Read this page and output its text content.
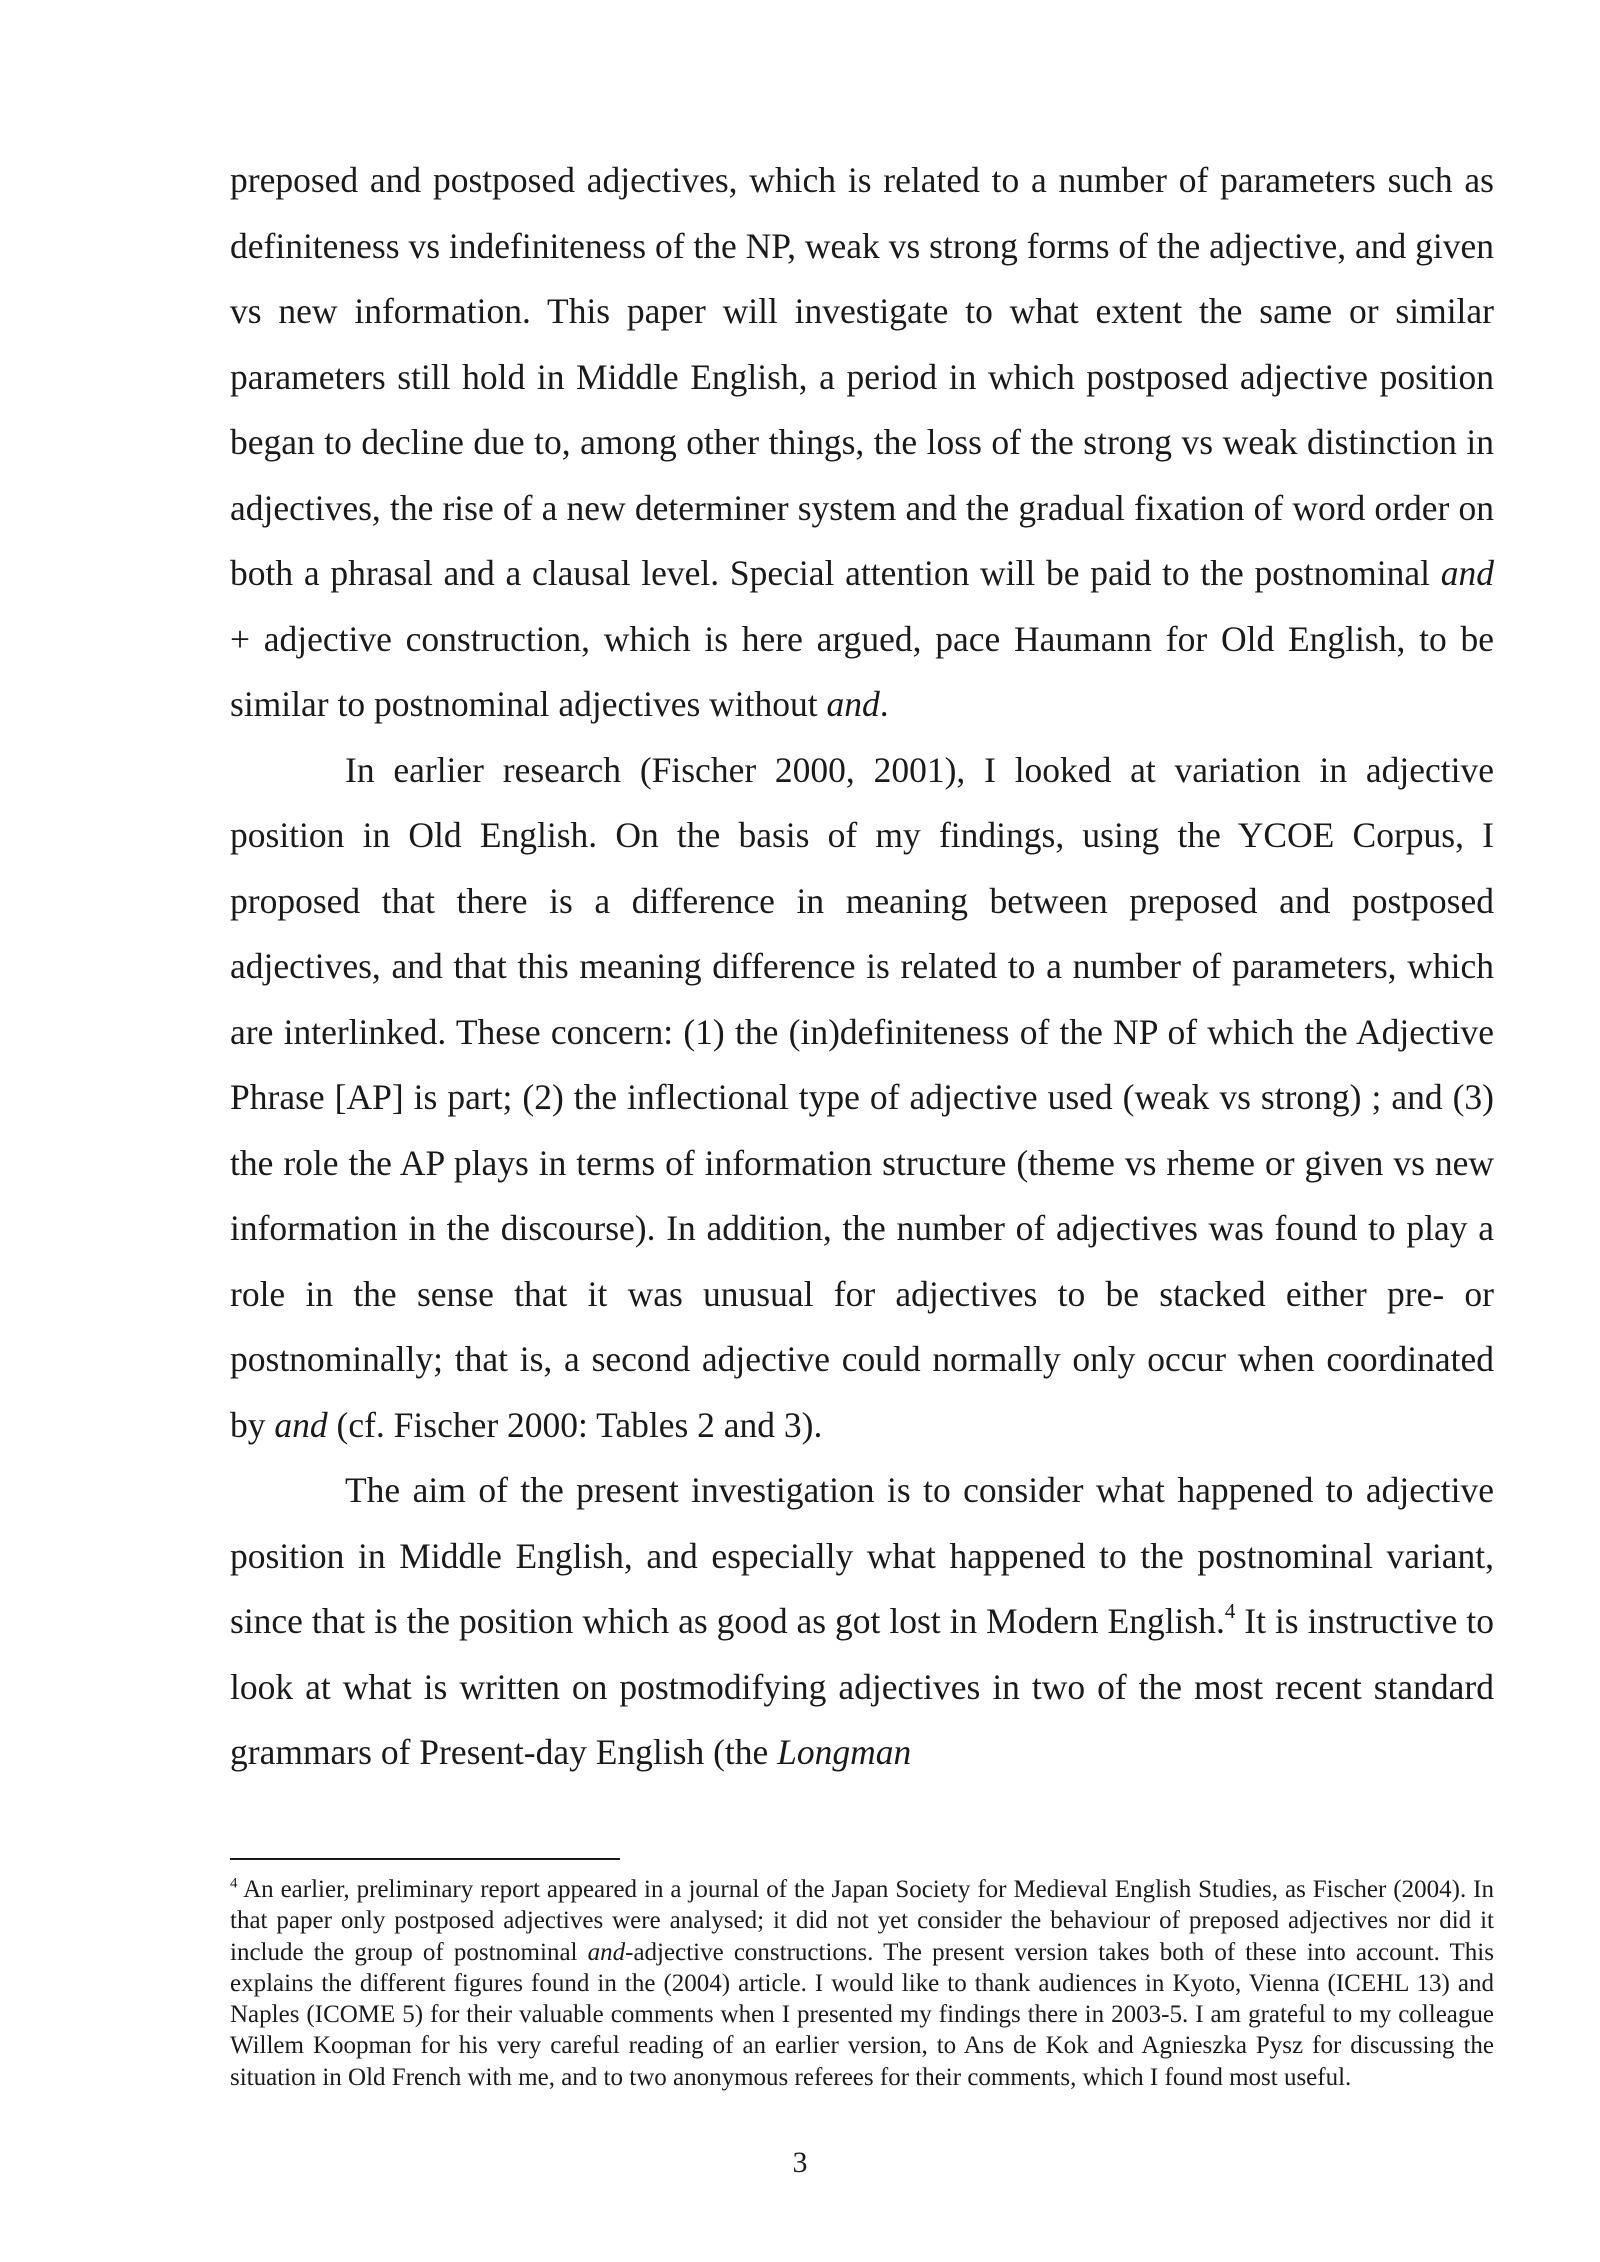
preposed and postposed adjectives, which is related to a number of parameters such as definiteness vs indefiniteness of the NP, weak vs strong forms of the adjective, and given vs new information. This paper will investigate to what extent the same or similar parameters still hold in Middle English, a period in which postposed adjective position began to decline due to, among other things, the loss of the strong vs weak distinction in adjectives, the rise of a new determiner system and the gradual fixation of word order on both a phrasal and a clausal level. Special attention will be paid to the postnominal and + adjective construction, which is here argued, pace Haumann for Old English, to be similar to postnominal adjectives without and.

In earlier research (Fischer 2000, 2001), I looked at variation in adjective position in Old English. On the basis of my findings, using the YCOE Corpus, I proposed that there is a difference in meaning between preposed and postposed adjectives, and that this meaning difference is related to a number of parameters, which are interlinked. These concern: (1) the (in)definiteness of the NP of which the Adjective Phrase [AP] is part; (2) the inflectional type of adjective used (weak vs strong) ; and (3) the role the AP plays in terms of information structure (theme vs rheme or given vs new information in the discourse). In addition, the number of adjectives was found to play a role in the sense that it was unusual for adjectives to be stacked either pre- or postnominally; that is, a second adjective could normally only occur when coordinated by and (cf. Fischer 2000: Tables 2 and 3).

The aim of the present investigation is to consider what happened to adjective position in Middle English, and especially what happened to the postnominal variant, since that is the position which as good as got lost in Modern English.$^4$ It is instructive to look at what is written on postmodifying adjectives in two of the most recent standard grammars of Present-day English (the Longman

$^4$ An earlier, preliminary report appeared in a journal of the Japan Society for Medieval English Studies, as Fischer (2004). In that paper only postposed adjectives were analysed; it did not yet consider the behaviour of preposed adjectives nor did it include the group of postnominal and-adjective constructions. The present version takes both of these into account. This explains the different figures found in the (2004) article. I would like to thank audiences in Kyoto, Vienna (ICEHL 13) and Naples (ICOME 5) for their valuable comments when I presented my findings there in 2003-5. I am grateful to my colleague Willem Koopman for his very careful reading of an earlier version, to Ans de Kok and Agnieszka Pysz for discussing the situation in Old French with me, and to two anonymous referees for their comments, which I found most useful.

3
